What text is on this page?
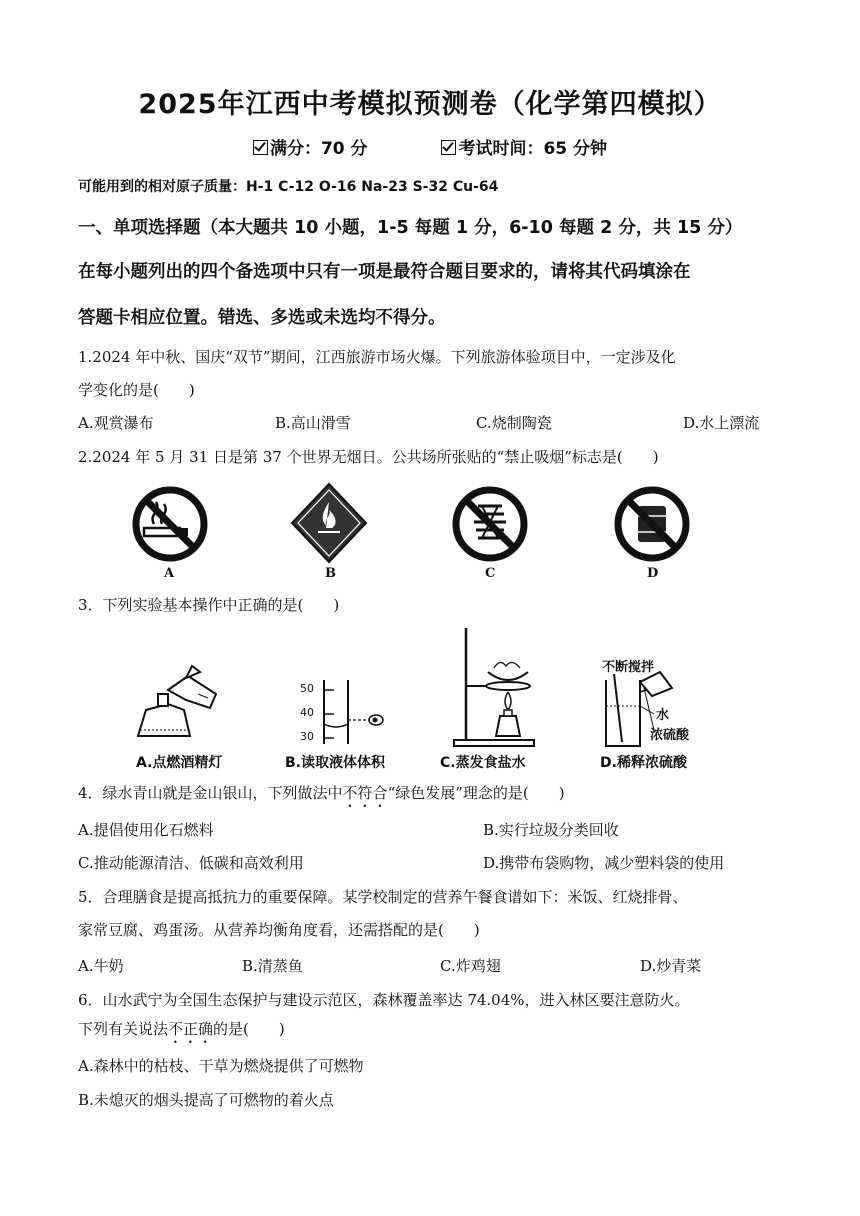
2025年江西中考模拟预测卷（化学第四模拟）
满分：70 分	考试时间：65 分钟
可能用到的相对原子质量：H-1 C-12 O-16 Na-23 S-32 Cu-64
一、单项选择题（本大题共 10 小题，1-5 每题 1 分，6-10 每题 2 分，共 15 分）
在每小题列出的四个备选项中只有一项是最符合题目要求的，请将其代码填涂在
答题卡相应位置。错选、多选或未选均不得分。
1.2024 年中秋、国庆“双节”期间，江西旅游市场火爆。下列旅游体验项目中，一定涉及化
学变化的是(　　)
A.观赏瀑布	B.高山滑雪	C.烧制陶瓷	D.水上漂流
2.2024 年 5 月 31 日是第 37 个世界无烟日。公共场所张贴的“禁止吸烟”标志是(　　)
A	B	C	D
3．下列实验基本操作中正确的是(　　)
A.点燃酒精灯
50
40
30
B.读取液体体积	C.蒸发食盐水
不断搅拌
水
浓硫酸
D.稀释浓硫酸
4．绿水青山就是金山银山，下列做法中不符合“绿色发展”理念的是(　　)
A.提倡使用化石燃料	B.实行垃圾分类回收
C.推动能源清洁、低碳和高效利用	D.携带布袋购物，减少塑料袋的使用
5．合理膳食是提高抵抗力的重要保障。某学校制定的营养午餐食谱如下：米饭、红烧排骨、
家常豆腐、鸡蛋汤。从营养均衡角度看，还需搭配的是(　　)
A.牛奶	B.清蒸鱼	C.炸鸡翅	D.炒青菜
6．山水武宁为全国生态保护与建设示范区，森林覆盖率达 74.04%，进入林区要注意防火。
下列有关说法不正确的是(　　)
A.森林中的枯枝、干草为燃烧提供了可燃物
B.未熄灭的烟头提高了可燃物的着火点
